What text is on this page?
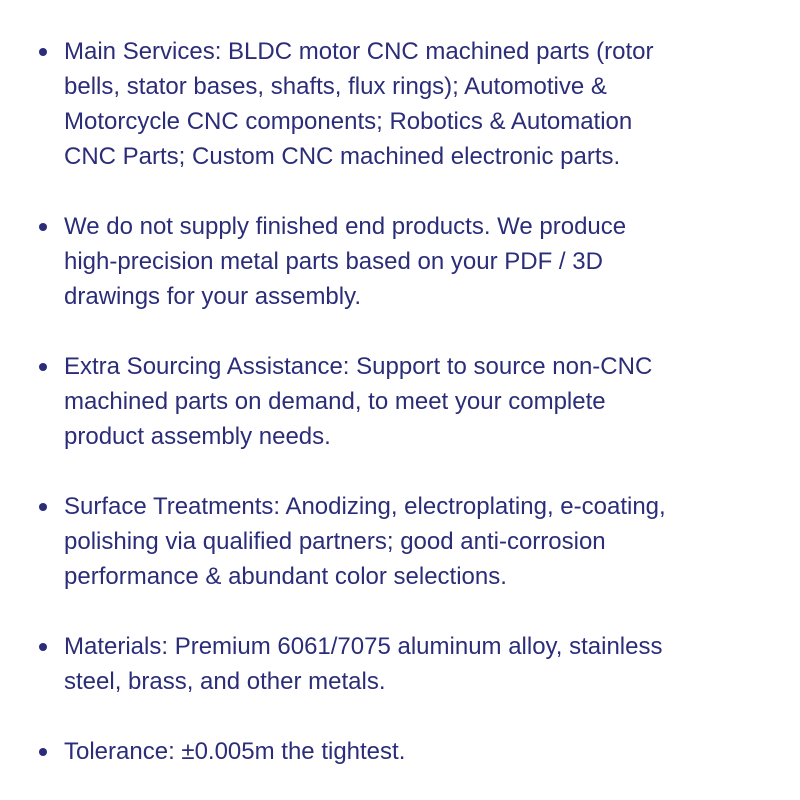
Main Services: BLDC motor CNC machined parts (rotor
bells, stator bases, shafts, flux rings); Automotive &
Motorcycle CNC components; Robotics & Automation
CNC Parts; Custom CNC machined electronic parts.
We do not supply finished end products. We produce
high-precision metal parts based on your PDF / 3D
drawings for your assembly.
Extra Sourcing Assistance: Support to source non-CNC
machined parts on demand, to meet your complete
product assembly needs.
Surface Treatments: Anodizing, electroplating, e-coating,
polishing via qualified partners; good anti-corrosion
performance & abundant color selections.
Materials: Premium 6061/7075 aluminum alloy, stainless
steel, brass, and other metals.
Tolerance: ±0.005m the tightest.
